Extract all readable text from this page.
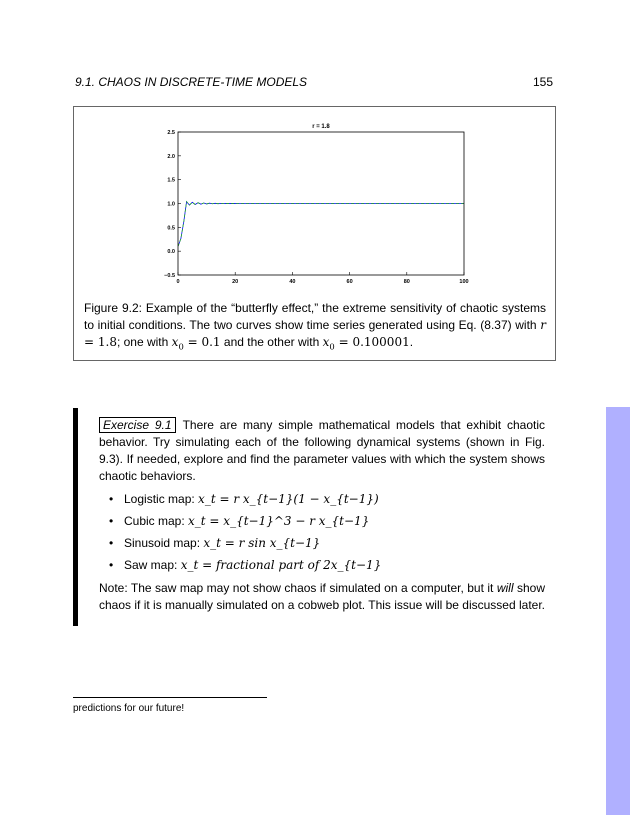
9.1. CHAOS IN DISCRETE-TIME MODELS	155
0	20	40	60	80	100
−0.5
0.0
0.5
1.0
1.5
2.0
2.5
r = 1.8
Figure 9.2: Example of the “butterfly effect,” the extreme sensitivity of chaotic systems to initial conditions. The two curves show time series generated using Eq. (8.37) with r = 1.8; one with $x_0 = 0.1$ and the other with $x_0 = 0.100001$.

Exercise 9.1 There are many simple mathematical models that exhibit chaotic behavior. Try simulating each of the following dynamical systems (shown in Fig. 9.3). If needed, explore and find the parameter values with which the system shows chaotic behaviors.

• Logistic map: x_t = r x_{t−1}(1 − x_{t−1})
• Cubic map: x_t = x_{t−1}^3 − r x_{t−1}
• Sinusoid map: x_t = r sin x_{t−1}
• Saw map: x_t = fractional part of 2x_{t−1}

Note: The saw map may not show chaos if simulated on a computer, but it will show chaos if it is manually simulated on a cobweb plot. This issue will be discussed later.

predictions for our future!
